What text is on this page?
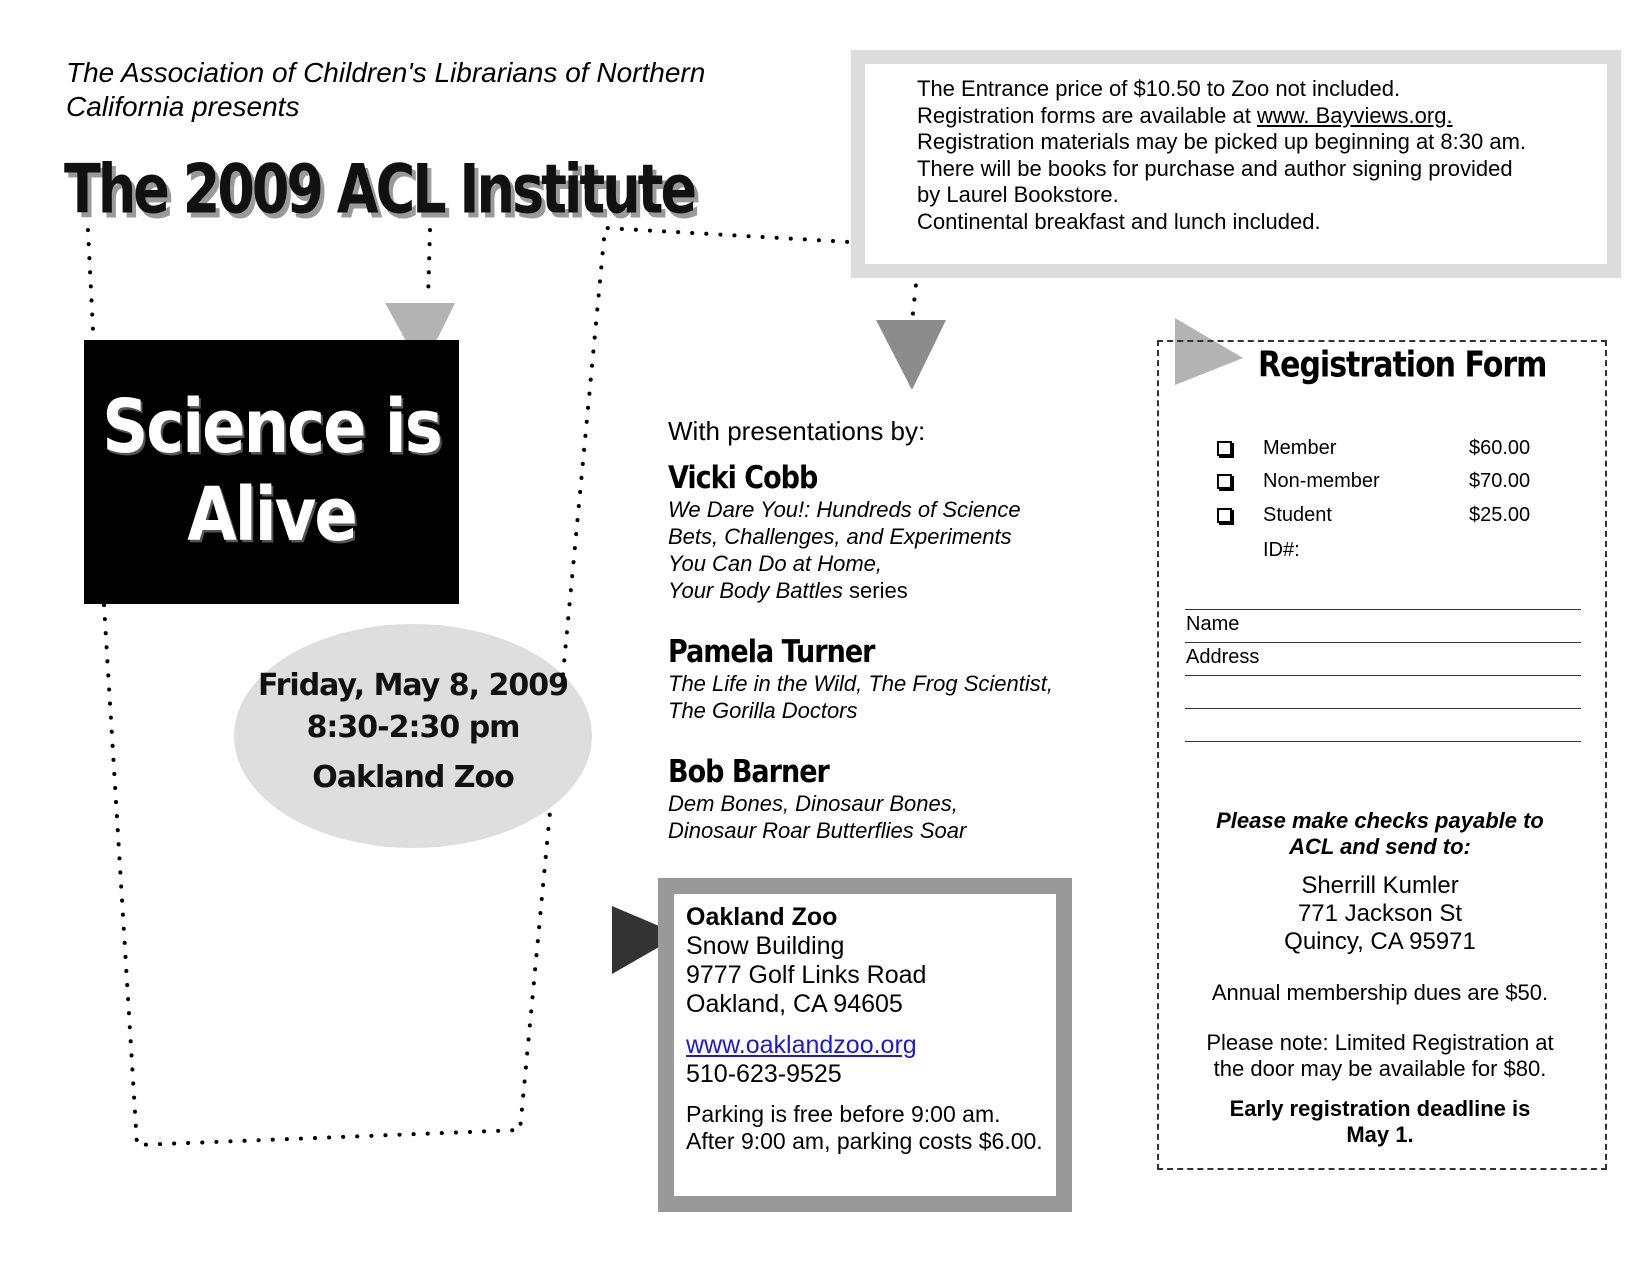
The Association of Children's Librarians of Northern California presents
The 2009 ACL Institute
Science is
Alive
Friday, May 8, 2009
8:30-2:30 pm
Oakland Zoo
The Entrance price of $10.50 to Zoo not included.
Registration forms are available at www. Bayviews.org.
Registration materials may be picked up beginning at 8:30 am.
There will be books for purchase and author signing provided
by Laurel Bookstore.
Continental breakfast and lunch included.
With presentations by:
Vicki Cobb
We Dare You!: Hundreds of Science
Bets, Challenges, and Experiments
You Can Do at Home,
Your Body Battles series
Pamela Turner
The Life in the Wild, The Frog Scientist,
The Gorilla Doctors
Bob Barner
Dem Bones, Dinosaur Bones,
Dinosaur Roar Butterflies Soar
Oakland Zoo
Snow Building
9777 Golf Links Road
Oakland, CA 94605
www.oaklandzoo.org
510-623-9525
Parking is free before 9:00 am.
After 9:00 am, parking costs $6.00.
Registration Form
Member	$60.00
Non-member	$70.00
Student	$25.00
ID#:
Name
Address
Please make checks payable to
ACL and send to:
Sherrill Kumler
771 Jackson St
Quincy, CA 95971
Annual membership dues are $50.
Please note: Limited Registration at
the door may be available for $80.
Early registration deadline is
May 1.
